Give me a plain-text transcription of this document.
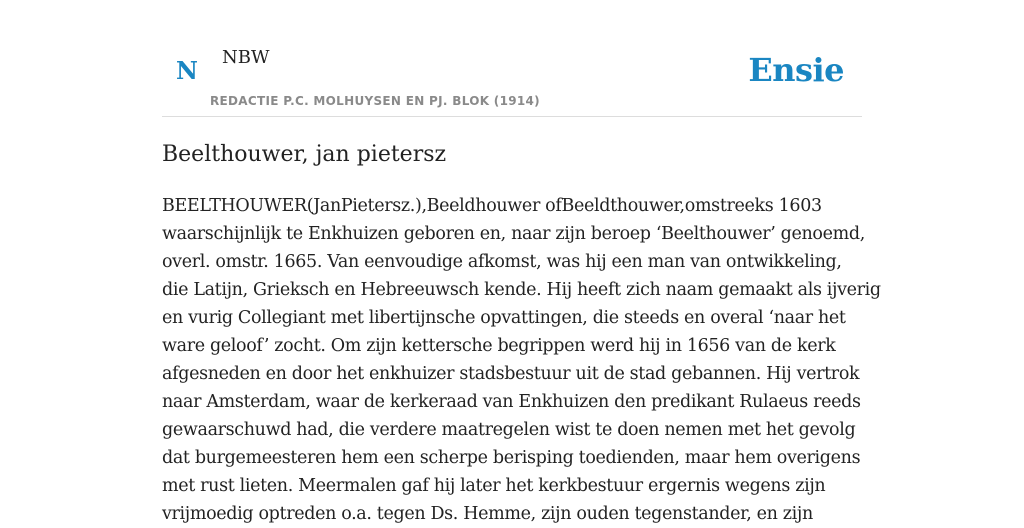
N NBW
REDACTIE P.C. MOLHUYSEN EN PJ. BLOK (1914)
Ensie
Beelthouwer, jan pietersz
BEELTHOUWER(JanPietersz.),Beeldhouwer ofBeeldthouwer,omstreeks 1603
waarschijnlijk te Enkhuizen geboren en, naar zijn beroep ‘Beelthouwer’ genoemd,
overl. omstr. 1665. Van eenvoudige afkomst, was hij een man van ontwikkeling,
die Latijn, Grieksch en Hebreeuwsch kende. Hij heeft zich naam gemaakt als ijverig
en vurig Collegiant met libertijnsche opvattingen, die steeds en overal ‘naar het
ware geloof’ zocht. Om zijn kettersche begrippen werd hij in 1656 van de kerk
afgesneden en door het enkhuizer stadsbestuur uit de stad gebannen. Hij vertrok
naar Amsterdam, waar de kerkeraad van Enkhuizen den predikant Rulaeus reeds
gewaarschuwd had, die verdere maatregelen wist te doen nemen met het gevolg
dat burgemeesteren hem een scherpe berisping toedienden, maar hem overigens
met rust lieten. Meermalen gaf hij later het kerkbestuur ergernis wegens zijn
vrijmoedig optreden o.a. tegen Ds. Hemme, zijn ouden tegenstander, en zijn
